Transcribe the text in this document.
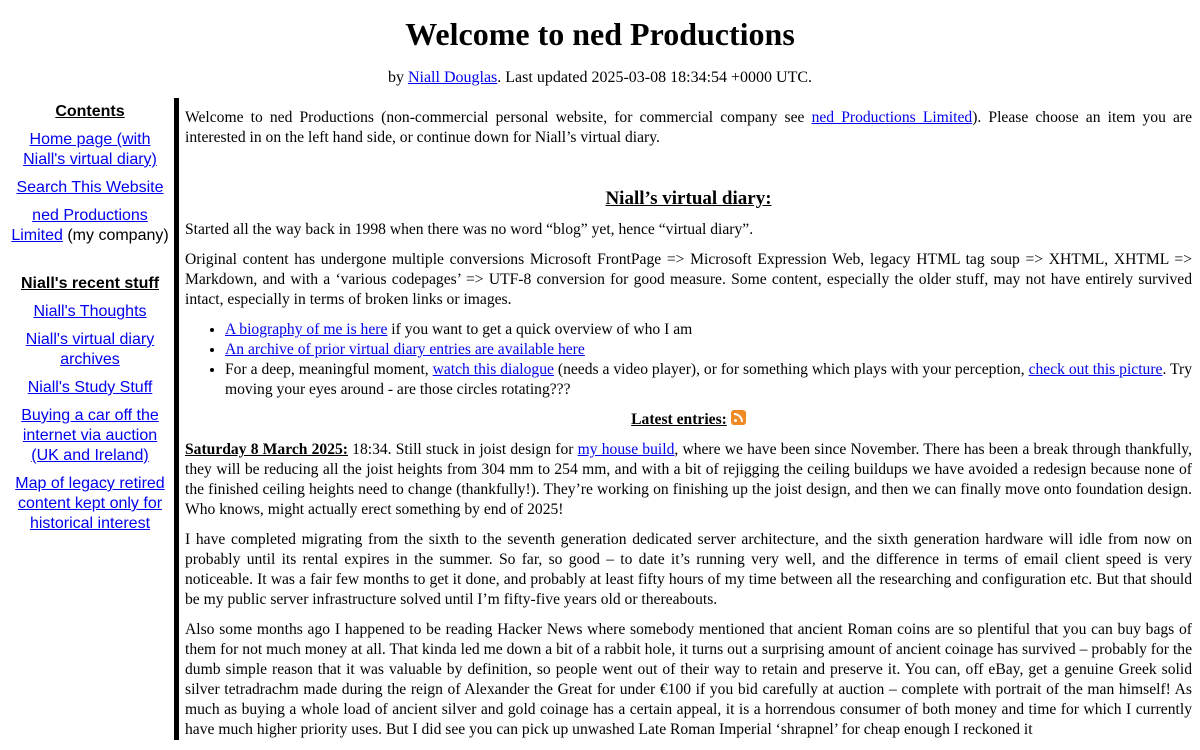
Welcome to ned Productions
by Niall Douglas. Last updated 2025-03-08 18:34:54 +0000 UTC.
Contents
Home page (with Niall's virtual diary)
Search This Website
ned Productions Limited (my company)
Niall's recent stuff
Niall's Thoughts
Niall's virtual diary archives
Niall's Study Stuff
Buying a car off the internet via auction (UK and Ireland)
Map of legacy retired content kept only for historical interest

Welcome to ned Productions (non-commercial personal website, for commercial company see ned Productions Limited). Please choose an item you are interested in on the left hand side, or continue down for Niall’s virtual diary.

Niall’s virtual diary:

Started all the way back in 1998 when there was no word “blog” yet, hence “virtual diary”.

Original content has undergone multiple conversions Microsoft FrontPage => Microsoft Expression Web, legacy HTML tag soup => XHTML, XHTML => Markdown, and with a ‘various codepages’ => UTF-8 conversion for good measure. Some content, especially the older stuff, may not have entirely survived intact, especially in terms of broken links or images.

• A biography of me is here if you want to get a quick overview of who I am
• An archive of prior virtual diary entries are available here
• For a deep, meaningful moment, watch this dialogue (needs a video player), or for something which plays with your perception, check out this picture. Try moving your eyes around - are those circles rotating???
Latest entries:

Saturday 8 March 2025: 18:34. Still stuck in joist design for my house build, where we have been since November. There has been a break through thankfully, they will be reducing all the joist heights from 304 mm to 254 mm, and with a bit of rejigging the ceiling buildups we have avoided a redesign because none of the finished ceiling heights need to change (thankfully!). They’re working on finishing up the joist design, and then we can finally move onto foundation design. Who knows, might actually erect something by end of 2025!

I have completed migrating from the sixth to the seventh generation dedicated server architecture, and the sixth generation hardware will idle from now on probably until its rental expires in the summer. So far, so good – to date it’s running very well, and the difference in terms of email client speed is very noticeable. It was a fair few months to get it done, and probably at least fifty hours of my time between all the researching and configuration etc. But that should be my public server infrastructure solved until I’m fifty-five years old or thereabouts.

Also some months ago I happened to be reading Hacker News where somebody mentioned that ancient Roman coins are so plentiful that you can buy bags of them for not much money at all. That kinda led me down a bit of a rabbit hole, it turns out a surprising amount of ancient coinage has survived – probably for the dumb simple reason that it was valuable by definition, so people went out of their way to retain and preserve it. You can, off eBay, get a genuine Greek solid silver tetradrachm made during the reign of Alexander the Great for under €100 if you bid carefully at auction – complete with portrait of the man himself! As much as buying a whole load of ancient silver and gold coinage has a certain appeal, it is a horrendous consumer of both money and time for which I currently have much higher priority uses. But I did see you can pick up unwashed Late Roman Imperial ‘shrapnel’ for cheap enough I reckoned it
